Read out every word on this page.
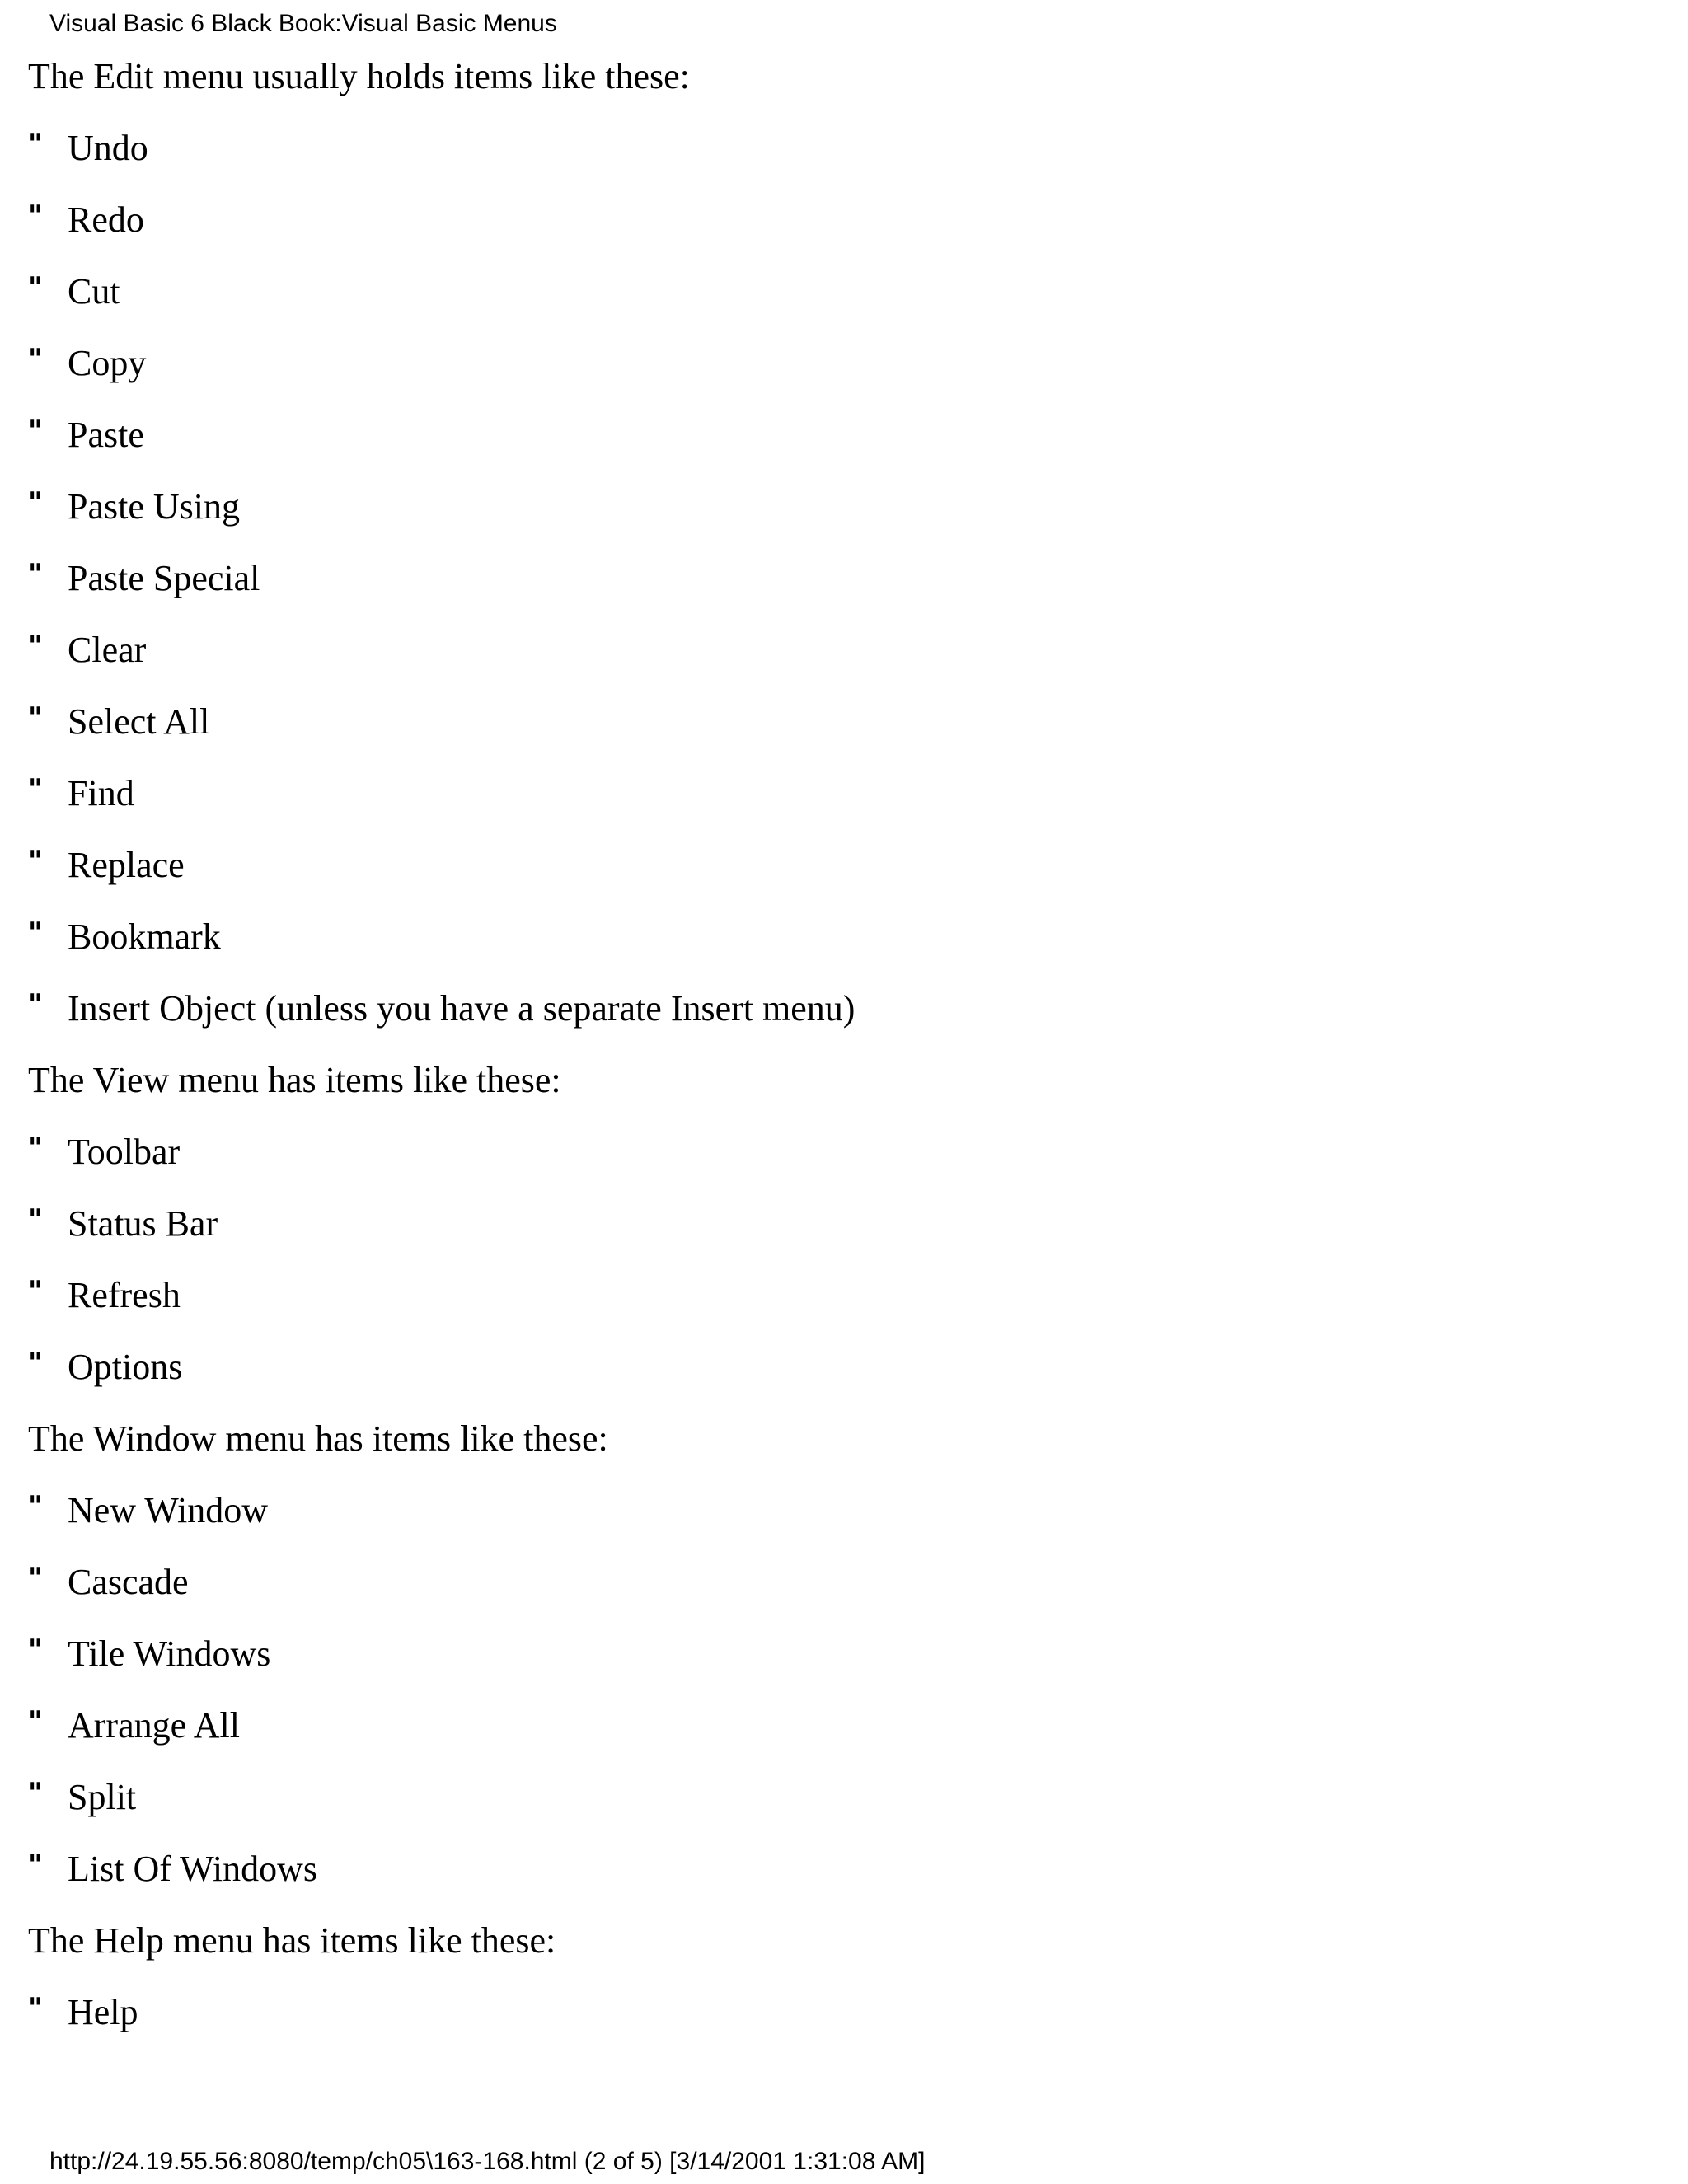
Visual Basic 6 Black Book:Visual Basic Menus
The Edit menu usually holds items like these:
" Undo
" Redo
" Cut
" Copy
" Paste
" Paste Using
" Paste Special
" Clear
" Select All
" Find
" Replace
" Bookmark
" Insert Object (unless you have a separate Insert menu)
The View menu has items like these:
" Toolbar
" Status Bar
" Refresh
" Options
The Window menu has items like these:
" New Window
" Cascade
" Tile Windows
" Arrange All
" Split
" List Of Windows
The Help menu has items like these:
" Help
http://24.19.55.56:8080/temp/ch05\163-168.html (2 of 5) [3/14/2001 1:31:08 AM]
